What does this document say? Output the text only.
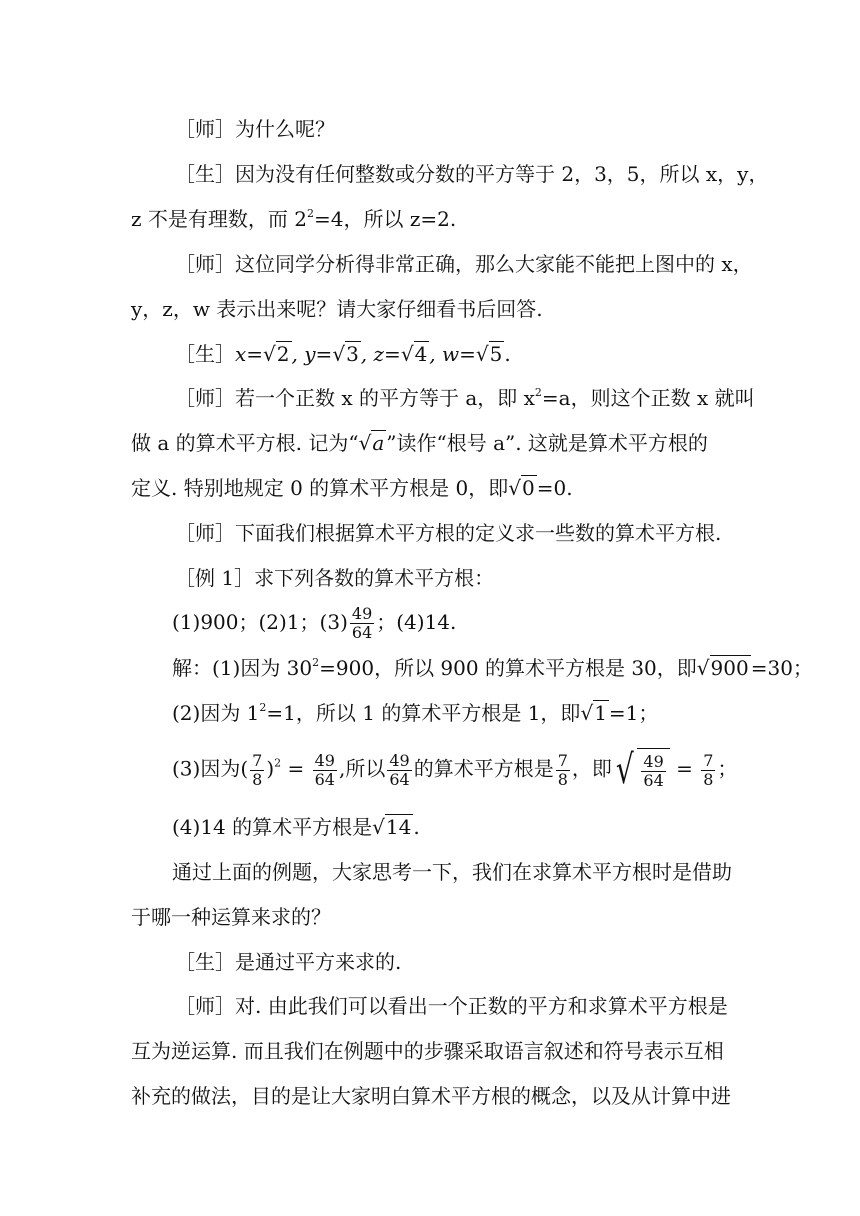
［师］为什么呢？
［生］因为没有任何整数或分数的平方等于 2，3，5，所以 x，y，
z 不是有理数，而 $2^2=4$，所以 z=2.
［师］这位同学分析得非常正确，那么大家能不能把上图中的 x，
y，z，w 表示出来呢？请大家仔细看书后回答.
［生］x=√2 , y=√3 , z=√4 , w=√5 .
［师］若一个正数 x 的平方等于 a，即 $x^2=a$，则这个正数 x 就叫
做 a 的算术平方根. 记为“√a ”读作“根号 a”. 这就是算术平方根的
定义. 特别地规定 0 的算术平方根是 0，即√0 =0.
［师］下面我们根据算术平方根的定义求一些数的算术平方根.
［例 1］求下列各数的算术平方根：
(1)900；(2)1；$(3) \frac{49}{64}$ ；(4)14.
解：(1)因为 $30^2=900$，所以 900 的算术平方根是 30，即√900 =30；
(2)因为 $1^2=1$，所以 1 的算术平方根是 1，即√1 =1；
(3)因为( $\frac{7}{8} )^2 = \frac{49}{64}$ ,所以 $\frac{49}{64}$ 的算术平方根是 $\frac{7}{8}$ ，即 √ $\frac{49}{64} = \frac{7}{8}$ ；
(4)14 的算术平方根是√14 .
通过上面的例题，大家思考一下，我们在求算术平方根时是借助
于哪一种运算来求的？
［生］是通过平方来求的.
［师］对. 由此我们可以看出一个正数的平方和求算术平方根是
互为逆运算. 而且我们在例题中的步骤采取语言叙述和符号表示互相
补充的做法，目的是让大家明白算术平方根的概念，以及从计算中进
